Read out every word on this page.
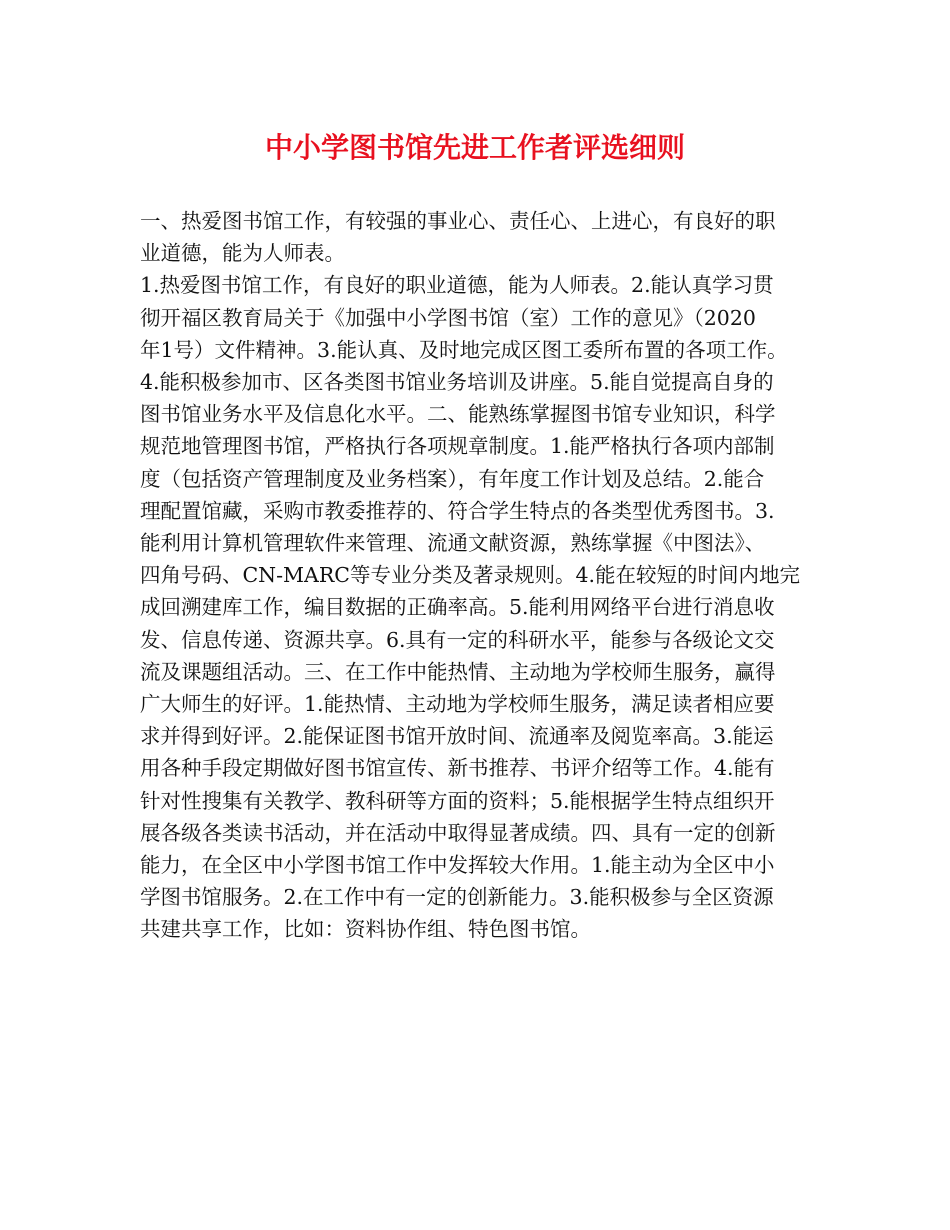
中小学图书馆先进工作者评选细则
一、热爱图书馆工作，有较强的事业心、责任心、上进心，有良好的职
业道德，能为人师表。
1.热爱图书馆工作，有良好的职业道德，能为人师表。2.能认真学习贯
彻开福区教育局关于《加强中小学图书馆（室）工作的意见》（2020
年1号）文件精神。3.能认真、及时地完成区图工委所布置的各项工作。
4.能积极参加市、区各类图书馆业务培训及讲座。5.能自觉提高自身的
图书馆业务水平及信息化水平。二、能熟练掌握图书馆专业知识，科学
规范地管理图书馆，严格执行各项规章制度。1.能严格执行各项内部制
度（包括资产管理制度及业务档案），有年度工作计划及总结。2.能合
理配置馆藏，采购市教委推荐的、符合学生特点的各类型优秀图书。3.
能利用计算机管理软件来管理、流通文献资源，熟练掌握《中图法》、
四角号码、CN-MARC等专业分类及著录规则。4.能在较短的时间内地完
成回溯建库工作，编目数据的正确率高。5.能利用网络平台进行消息收
发、信息传递、资源共享。6.具有一定的科研水平，能参与各级论文交
流及课题组活动。三、在工作中能热情、主动地为学校师生服务，赢得
广大师生的好评。1.能热情、主动地为学校师生服务，满足读者相应要
求并得到好评。2.能保证图书馆开放时间、流通率及阅览率高。3.能运
用各种手段定期做好图书馆宣传、新书推荐、书评介绍等工作。4.能有
针对性搜集有关教学、教科研等方面的资料；5.能根据学生特点组织开
展各级各类读书活动，并在活动中取得显著成绩。四、具有一定的创新
能力，在全区中小学图书馆工作中发挥较大作用。1.能主动为全区中小
学图书馆服务。2.在工作中有一定的创新能力。3.能积极参与全区资源
共建共享工作，比如：资料协作组、特色图书馆。
